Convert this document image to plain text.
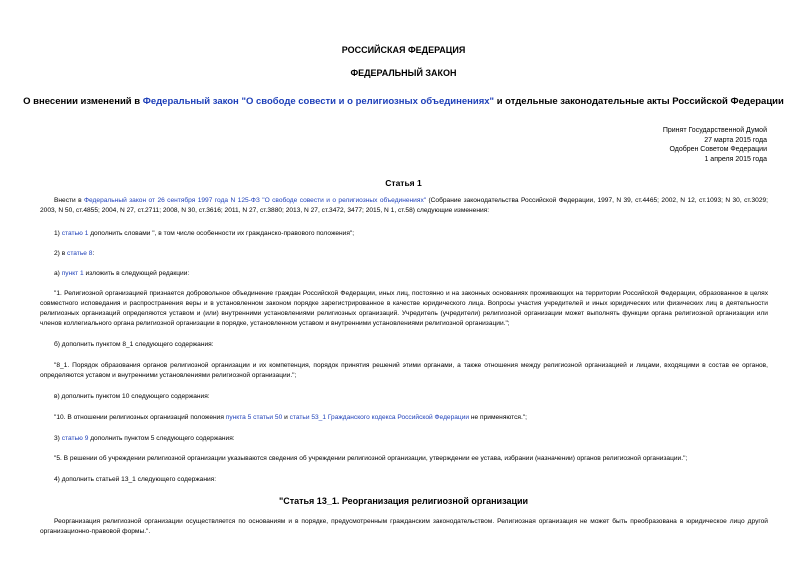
РОССИЙСКАЯ ФЕДЕРАЦИЯ
ФЕДЕРАЛЬНЫЙ ЗАКОН
О внесении изменений в Федеральный закон "О свободе совести и о религиозных объединениях" и отдельные законодательные акты Российской Федерации
Принят Государственной Думой
27 марта 2015 года
Одобрен Советом Федерации
1 апреля 2015 года
Статья 1
Внести в Федеральный закон от 26 сентября 1997 года N 125-ФЗ "О свободе совести и о религиозных объединениях" (Собрание законодательства Российской Федерации, 1997, N 39, ст.4465; 2002, N 12, ст.1093; N 30, ст.3029; 2003, N 50, ст.4855; 2004, N 27, ст.2711; 2008, N 30, ст.3616; 2011, N 27, ст.3880; 2013, N 27, ст.3472, 3477; 2015, N 1, ст.58) следующие изменения:
1) статью 1 дополнить словами ", в том числе особенности их гражданско-правового положения";
2) в статье 8:
а) пункт 1 изложить в следующей редакции:
"1. Религиозной организацией признается добровольное объединение граждан Российской Федерации, иных лиц, постоянно и на законных основаниях проживающих на территории Российской Федерации, образованное в целях совместного исповедания и распространения веры и в установленном законом порядке зарегистрированное в качестве юридического лица. Вопросы участия учредителей и иных юридических или физических лиц в деятельности религиозных организаций определяются уставом и (или) внутренними установлениями религиозных организаций. Учредитель (учредители) религиозной организации может выполнять функции органа религиозной организации или членов коллегиального органа религиозной организации в порядке, установленном уставом и внутренними установлениями религиозной организации.";
б) дополнить пунктом 8_1 следующего содержания:
"8_1. Порядок образования органов религиозной организации и их компетенция, порядок принятия решений этими органами, а также отношения между религиозной организацией и лицами, входящими в состав ее органов, определяются уставом и внутренними установлениями религиозной организации.";
в) дополнить пунктом 10 следующего содержания:
"10. В отношении религиозных организаций положения пункта 5 статьи 50 и статьи 53_1 Гражданского кодекса Российской Федерации не применяются.";
3) статью 9 дополнить пунктом 5 следующего содержания:
"5. В решении об учреждении религиозной организации указываются сведения об учреждении религиозной организации, утверждении ее устава, избрании (назначении) органов религиозной организации.";
4) дополнить статьей 13_1 следующего содержания:
"Статья 13_1. Реорганизация религиозной организации
Реорганизация религиозной организации осуществляется по основаниям и в порядке, предусмотренным гражданским законодательством. Религиозная организация не может быть преобразована в юридическое лицо другой организационно-правовой формы.".
